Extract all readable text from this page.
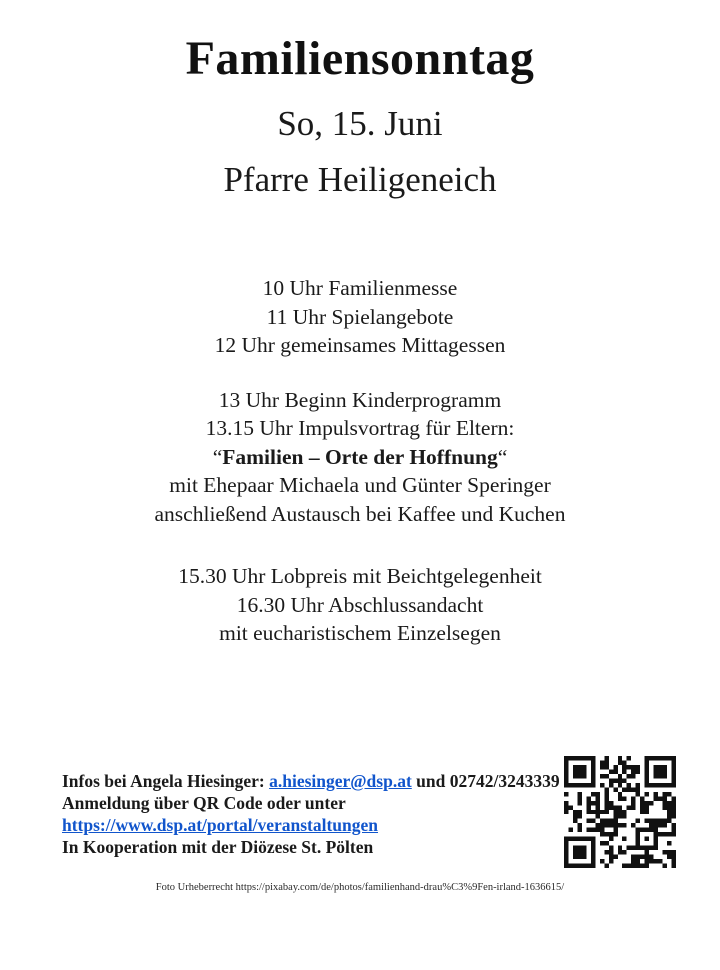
Familiensonntag
So, 15. Juni
Pfarre Heiligeneich
10 Uhr Familienmesse
11 Uhr Spielangebote
12 Uhr gemeinsames Mittagessen
13 Uhr Beginn Kinderprogramm
13.15 Uhr Impulsvortrag für Eltern:
“Familien – Orte der Hoffnung“
mit Ehepaar Michaela und Günter Speringer
anschließend Austausch bei Kaffee und Kuchen
15.30 Uhr Lobpreis mit Beichtgelegenheit
16.30 Uhr Abschlussandacht
mit eucharistischem Einzelsegen
Infos bei Angela Hiesinger: a.hiesinger@dsp.at und 02742/3243339
Anmeldung über QR Code oder unter
https://www.dsp.at/portal/veranstaltungen
In Kooperation mit der Diözese St. Pölten
Foto Urheberrecht https://pixabay.com/de/photos/familienhand-drau%C3%9Fen-irland-1636615/
